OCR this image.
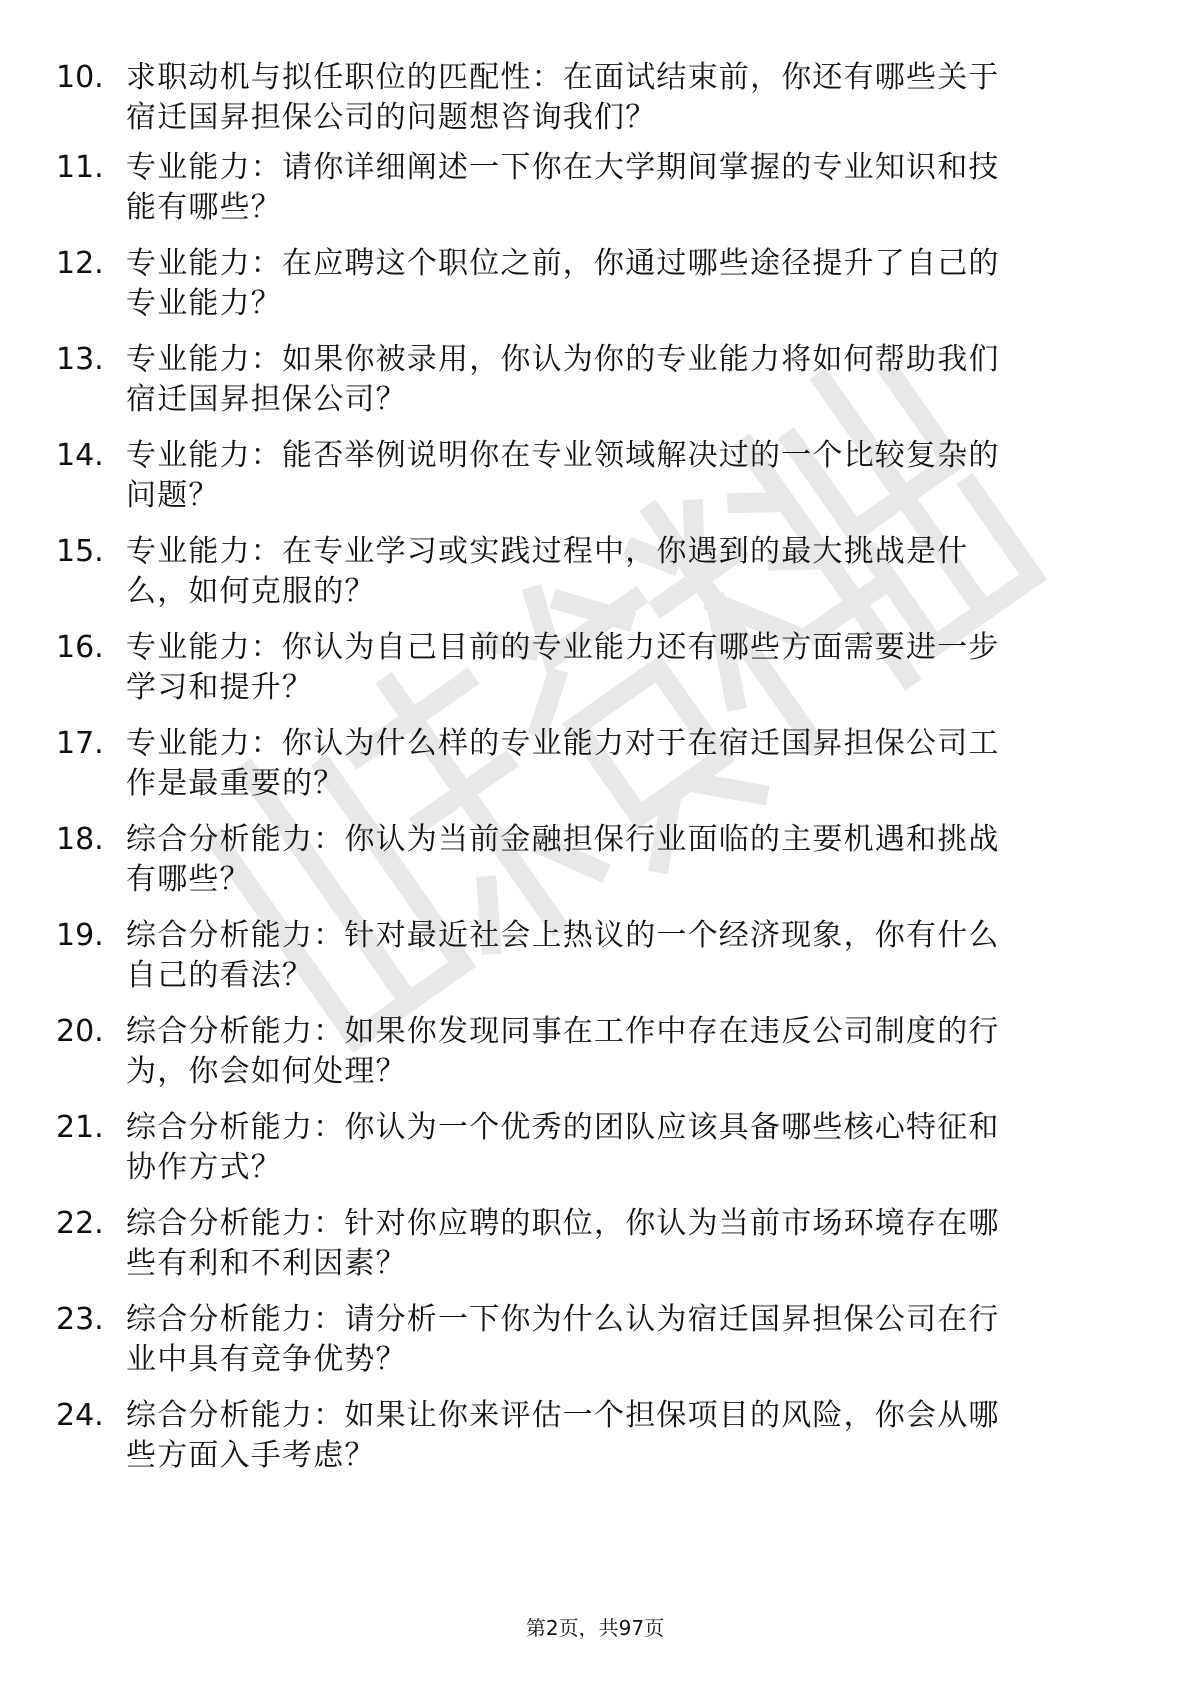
10. 求职动机与拟任职位的匹配性：在面试结束前，你还有哪些关于
宿迁国昇担保公司的问题想咨询我们？
11. 专业能力：请你详细阐述一下你在大学期间掌握的专业知识和技
能有哪些？
12. 专业能力：在应聘这个职位之前，你通过哪些途径提升了自己的
专业能力？
13. 专业能力：如果你被录用，你认为你的专业能力将如何帮助我们
宿迁国昇担保公司？
14. 专业能力：能否举例说明你在专业领域解决过的一个比较复杂的
问题？
15. 专业能力：在专业学习或实践过程中，你遇到的最大挑战是什
么，如何克服的？
16. 专业能力：你认为自己目前的专业能力还有哪些方面需要进一步
学习和提升？
17. 专业能力：你认为什么样的专业能力对于在宿迁国昇担保公司工
作是最重要的？
18. 综合分析能力：你认为当前金融担保行业面临的主要机遇和挑战
有哪些？
19. 综合分析能力：针对最近社会上热议的一个经济现象，你有什么
自己的看法？
20. 综合分析能力：如果你发现同事在工作中存在违反公司制度的行
为，你会如何处理？
21. 综合分析能力：你认为一个优秀的团队应该具备哪些核心特征和
协作方式？
22. 综合分析能力：针对你应聘的职位，你认为当前市场环境存在哪
些有利和不利因素？
23. 综合分析能力：请分析一下你为什么认为宿迁国昇担保公司在行
业中具有竞争优势？
24. 综合分析能力：如果让你来评估一个担保项目的风险，你会从哪
些方面入手考虑？
第2页，共97页
